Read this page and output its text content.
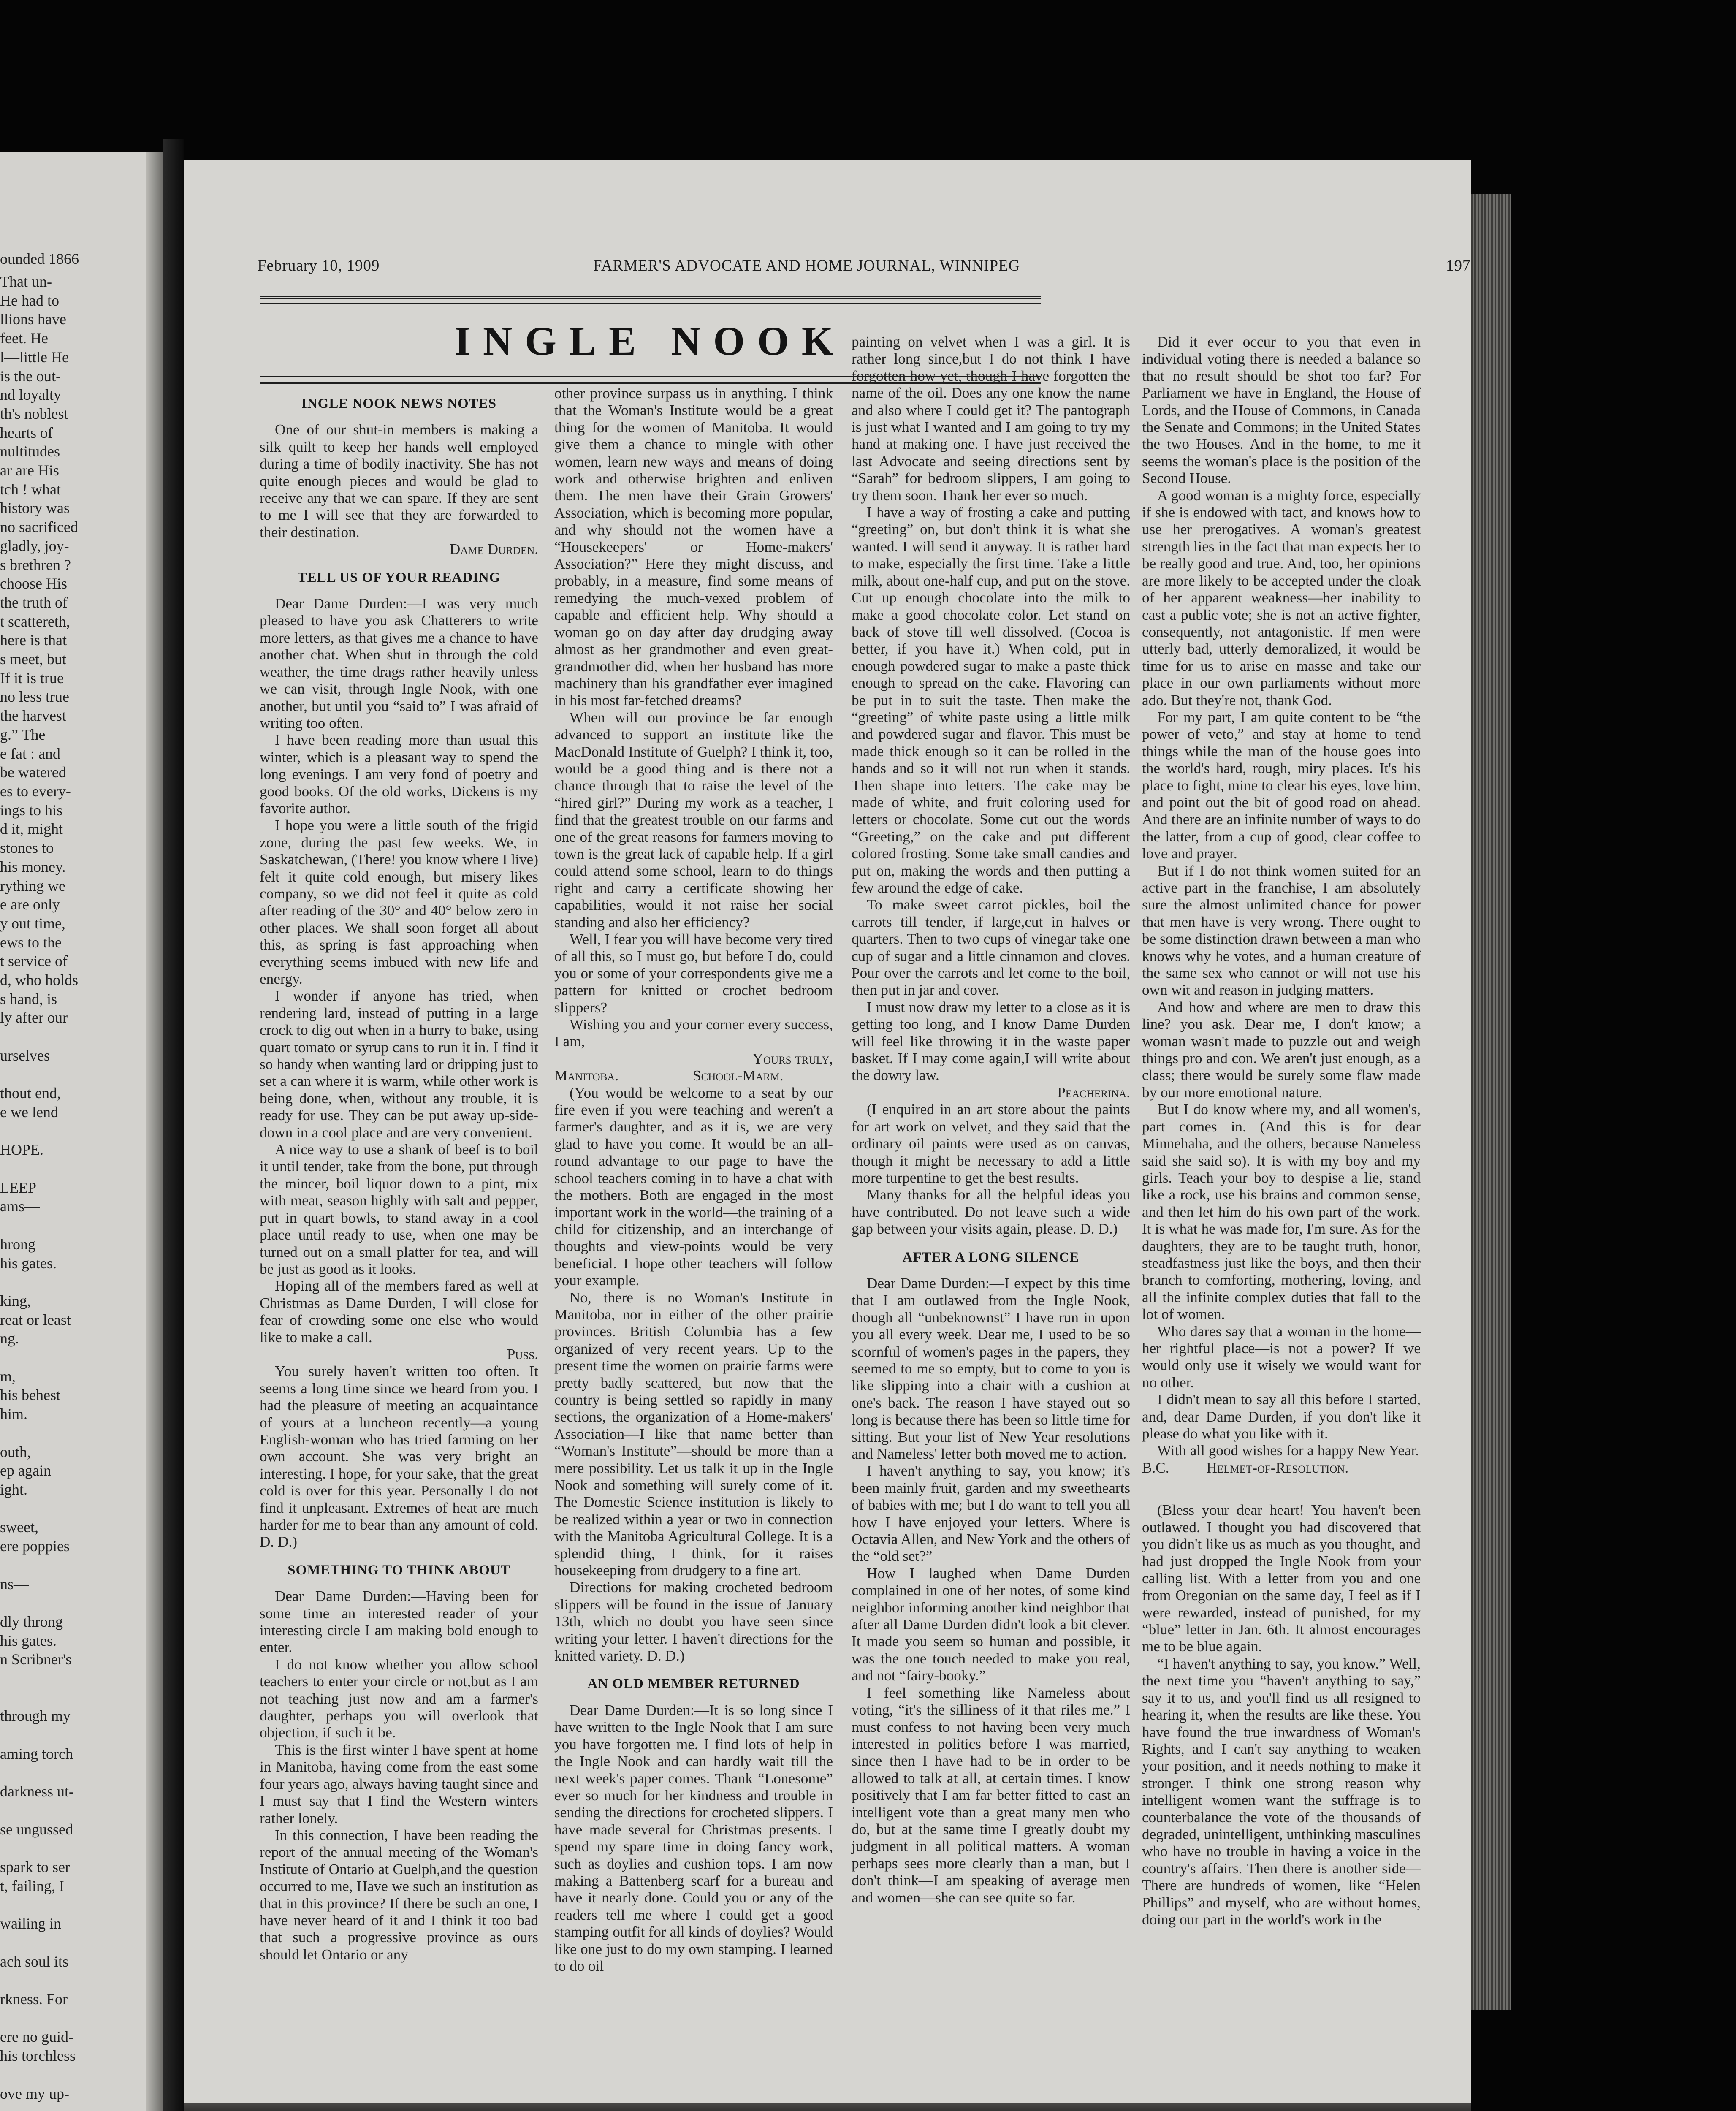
ounded 1866
That un-
He had to
llions have
feet. He
l—little He
is the out-
nd loyalty
th's noblest
hearts of
nultitudes
ar are His
tch ! what
history was
no sacrificed
gladly, joy-
s brethren ?
choose His
the truth of
t scattereth,
here is that
s meet, but
If it is true
no less true
the harvest
g.” The
e fat : and
be watered
es to every-
ings to his
d it, might
stones to
his money.
rything we
e are only
y out time,
ews to the
t service of
d, who holds
s hand, is
ly after our

urselves

thout end,
e we lend

HOPE.

LEEP
ams—

hrong
his gates.

king,
reat or least
ng.

m,
his behest
him.

outh,
ep again
ight.

sweet,
ere poppies

ns—

dly throng
his gates.
n Scribner's

through my

aming torch

darkness ut-

se ungussed

spark to ser
t, failing, I

wailing in

ach soul its

rkness. For

ere no guid-
his torchless

ove my up-

February 10, 1909	FARMER'S ADVOCATE AND HOME JOURNAL, WINNIPEG	197
INGLE NOOK
INGLE NOOK NEWS NOTES

One of our shut-in members is making a silk quilt to keep her hands well employed during a time of bodily inactivity. She has not quite enough pieces and would be glad to receive any that we can spare. If they are sent to me I will see that they are forwarded to their destination.

Dame Durden.

TELL US OF YOUR READING

Dear Dame Durden:—I was very much pleased to have you ask Chatterers to write more letters, as that gives me a chance to have another chat. When shut in through the cold weather, the time drags rather heavily unless we can visit, through Ingle Nook, with one another, but until you “said to” I was afraid of writing too often.

I have been reading more than usual this winter, which is a pleasant way to spend the long evenings. I am very fond of poetry and good books. Of the old works, Dickens is my favorite author.

I hope you were a little south of the frigid zone, during the past few weeks. We, in Saskatchewan, (There! you know where I live) felt it quite cold enough, but misery likes company, so we did not feel it quite as cold after reading of the 30° and 40° below zero in other places. We shall soon forget all about this, as spring is fast approaching when everything seems imbued with new life and energy.

I wonder if anyone has tried, when rendering lard, instead of putting in a large crock to dig out when in a hurry to bake, using quart tomato or syrup cans to run it in. I find it so handy when wanting lard or dripping just to set a can where it is warm, while other work is being done, when, without any trouble, it is ready for use. They can be put away up-side-down in a cool place and are very convenient.

A nice way to use a shank of beef is to boil it until tender, take from the bone, put through the mincer, boil liquor down to a pint, mix with meat, season highly with salt and pepper, put in quart bowls, to stand away in a cool place until ready to use, when one may be turned out on a small platter for tea, and will be just as good as it looks.

Hoping all of the members fared as well at Christmas as Dame Durden, I will close for fear of crowding some one else who would like to make a call.

Puss.

You surely haven't written too often. It seems a long time since we heard from you. I had the pleasure of meeting an acquaintance of yours at a luncheon recently—a young English-woman who has tried farming on her own account. She was very bright an interesting. I hope, for your sake, that the great cold is over for this year. Personally I do not find it unpleasant. Extremes of heat are much harder for me to bear than any amount of cold. D. D.)

SOMETHING TO THINK ABOUT

Dear Dame Durden:—Having been for some time an interested reader of your interesting circle I am making bold enough to enter.

I do not know whether you allow school teachers to enter your circle or not,but as I am not teaching just now and am a farmer's daughter, perhaps you will overlook that objection, if such it be.

This is the first winter I have spent at home in Manitoba, having come from the east some four years ago, always having taught since and I must say that I find the Western winters rather lonely.

In this connection, I have been reading the report of the annual meeting of the Woman's Institute of Ontario at Guelph,and the question occurred to me, Have we such an institution as that in this province? If there be such an one, I have never heard of it and I think it too bad that such a progressive province as ours should let Ontario or any

other province surpass us in anything. I think that the Woman's Institute would be a great thing for the women of Manitoba. It would give them a chance to mingle with other women, learn new ways and means of doing work and otherwise brighten and enliven them. The men have their Grain Growers' Association, which is becoming more popular, and why should not the women have a “Housekeepers' or Home-makers' Association?” Here they might discuss, and probably, in a measure, find some means of remedying the much-vexed problem of capable and efficient help. Why should a woman go on day after day drudging away almost as her grandmother and even great-grandmother did, when her husband has more machinery than his grandfather ever imagined in his most far-fetched dreams?

When will our province be far enough advanced to support an institute like the MacDonald Institute of Guelph? I think it, too, would be a good thing and is there not a chance through that to raise the level of the “hired girl?” During my work as a teacher, I find that the greatest trouble on our farms and one of the great reasons for farmers moving to town is the great lack of capable help. If a girl could attend some school, learn to do things right and carry a certificate showing her capabilities, would it not raise her social standing and also her efficiency?

Well, I fear you will have become very tired of all this, so I must go, but before I do, could you or some of your correspondents give me a pattern for knitted or crochet bedroom slippers?

Wishing you and your corner every success, I am,

Yours truly,

Manitoba.                    School-Marm.

(You would be welcome to a seat by our fire even if you were teaching and weren't a farmer's daughter, and as it is, we are very glad to have you come. It would be an all-round advantage to our page to have the school teachers coming in to have a chat with the mothers. Both are engaged in the most important work in the world—the training of a child for citizenship, and an interchange of thoughts and view-points would be very beneficial. I hope other teachers will follow your example.

No, there is no Woman's Institute in Manitoba, nor in either of the other prairie provinces. British Columbia has a few organized of very recent years. Up to the present time the women on prairie farms were pretty badly scattered, but now that the country is being settled so rapidly in many sections, the organization of a Home-makers' Association—I like that name better than “Woman's Institute”—should be more than a mere possibility. Let us talk it up in the Ingle Nook and something will surely come of it. The Domestic Science institution is likely to be realized within a year or two in connection with the Manitoba Agricultural College. It is a splendid thing, I think, for it raises housekeeping from drudgery to a fine art.

Directions for making crocheted bedroom slippers will be found in the issue of January 13th, which no doubt you have seen since writing your letter. I haven't directions for the knitted variety. D. D.)

AN OLD MEMBER RETURNED

Dear Dame Durden:—It is so long since I have written to the Ingle Nook that I am sure you have forgotten me. I find lots of help in the Ingle Nook and can hardly wait till the next week's paper comes. Thank “Lonesome” ever so much for her kindness and trouble in sending the directions for crocheted slippers. I have made several for Christmas presents. I spend my spare time in doing fancy work, such as doylies and cushion tops. I am now making a Battenberg scarf for a bureau and have it nearly done. Could you or any of the readers tell me where I could get a good stamping outfit for all kinds of doylies? Would like one just to do my own stamping. I learned to do oil

painting on velvet when I was a girl. It is rather long since,but I do not think I have forgotten how yet, though I have forgotten the name of the oil. Does any one know the name and also where I could get it? The pantograph is just what I wanted and I am going to try my hand at making one. I have just received the last Advocate and seeing directions sent by “Sarah” for bedroom slippers, I am going to try them soon. Thank her ever so much.

I have a way of frosting a cake and putting “greeting” on, but don't think it is what she wanted. I will send it anyway. It is rather hard to make, especially the first time. Take a little milk, about one-half cup, and put on the stove. Cut up enough chocolate into the milk to make a good chocolate color. Let stand on back of stove till well dissolved. (Cocoa is better, if you have it.) When cold, put in enough powdered sugar to make a paste thick enough to spread on the cake. Flavoring can be put in to suit the taste. Then make the “greeting” of white paste using a little milk and powdered sugar and flavor. This must be made thick enough so it can be rolled in the hands and so it will not run when it stands. Then shape into letters. The cake may be made of white, and fruit coloring used for letters or chocolate. Some cut out the words “Greeting,” on the cake and put different colored frosting. Some take small candies and put on, making the words and then putting a few around the edge of cake.

To make sweet carrot pickles, boil the carrots till tender, if large,cut in halves or quarters. Then to two cups of vinegar take one cup of sugar and a little cinnamon and cloves. Pour over the carrots and let come to the boil, then put in jar and cover.

I must now draw my letter to a close as it is getting too long, and I know Dame Durden will feel like throwing it in the waste paper basket. If I may come again,I will write about the dowry law.

Peacherina.

(I enquired in an art store about the paints for art work on velvet, and they said that the ordinary oil paints were used as on canvas, though it might be necessary to add a little more turpentine to get the best results.

Many thanks for all the helpful ideas you have contributed. Do not leave such a wide gap between your visits again, please. D. D.)

AFTER A LONG SILENCE

Dear Dame Durden:—I expect by this time that I am outlawed from the Ingle Nook, though all “unbeknownst” I have run in upon you all every week. Dear me, I used to be so scornful of women's pages in the papers, they seemed to me so empty, but to come to you is like slipping into a chair with a cushion at one's back. The reason I have stayed out so long is because there has been so little time for sitting. But your list of New Year resolutions and Nameless' letter both moved me to action.

I haven't anything to say, you know; it's been mainly fruit, garden and my sweethearts of babies with me; but I do want to tell you all how I have enjoyed your letters. Where is Octavia Allen, and New York and the others of the “old set?”

How I laughed when Dame Durden complained in one of her notes, of some kind neighbor informing another kind neighbor that after all Dame Durden didn't look a bit clever. It made you seem so human and possible, it was the one touch needed to make you real, and not “fairy-booky.”

I feel something like Nameless about voting, “it's the silliness of it that riles me.” I must confess to not having been very much interested in politics before I was married, since then I have had to be in order to be allowed to talk at all, at certain times. I know positively that I am far better fitted to cast an intelligent vote than a great many men who do, but at the same time I greatly doubt my judgment in all political matters. A woman perhaps sees more clearly than a man, but I don't think—I am speaking of average men and women—she can see quite so far.

Did it ever occur to you that even in individual voting there is needed a balance so that no result should be shot too far? For Parliament we have in England, the House of Lords, and the House of Commons, in Canada the Senate and Commons; in the United States the two Houses. And in the home, to me it seems the woman's place is the position of the Second House.

A good woman is a mighty force, especially if she is endowed with tact, and knows how to use her prerogatives. A woman's greatest strength lies in the fact that man expects her to be really good and true. And, too, her opinions are more likely to be accepted under the cloak of her apparent weakness—her inability to cast a public vote; she is not an active fighter, consequently, not antagonistic. If men were utterly bad, utterly demoralized, it would be time for us to arise en masse and take our place in our own parliaments without more ado. But they're not, thank God.

For my part, I am quite content to be “the power of veto,” and stay at home to tend things while the man of the house goes into the world's hard, rough, miry places. It's his place to fight, mine to clear his eyes, love him, and point out the bit of good road on ahead. And there are an infinite number of ways to do the latter, from a cup of good, clear coffee to love and prayer.

But if I do not think women suited for an active part in the franchise, I am absolutely sure the almost unlimited chance for power that men have is very wrong. There ought to be some distinction drawn between a man who knows why he votes, and a human creature of the same sex who cannot or will not use his own wit and reason in judging matters.

And how and where are men to draw this line? you ask. Dear me, I don't know; a woman wasn't made to puzzle out and weigh things pro and con. We aren't just enough, as a class; there would be surely some flaw made by our more emotional nature.

But I do know where my, and all women's, part comes in. (And this is for dear Minnehaha, and the others, because Nameless said she said so). It is with my boy and my girls. Teach your boy to despise a lie, stand like a rock, use his brains and common sense, and then let him do his own part of the work. It is what he was made for, I'm sure. As for the daughters, they are to be taught truth, honor, steadfastness just like the boys, and then their branch to comforting, mothering, loving, and all the infinite complex duties that fall to the lot of women.

Who dares say that a woman in the home—her rightful place—is not a power? If we would only use it wisely we would want for no other.

I didn't mean to say all this before I started, and, dear Dame Durden, if you don't like it please do what you like with it.

With all good wishes for a happy New Year.

B.C.          Helmet-of-Resolution.

(Bless your dear heart! You haven't been outlawed. I thought you had discovered that you didn't like us as much as you thought, and had just dropped the Ingle Nook from your calling list. With a letter from you and one from Oregonian on the same day, I feel as if I were rewarded, instead of punished, for my “blue” letter in Jan. 6th. It almost encourages me to be blue again.

“I haven't anything to say, you know.” Well, the next time you “haven't anything to say,” say it to us, and you'll find us all resigned to hearing it, when the results are like these. You have found the true inwardness of Woman's Rights, and I can't say anything to weaken your position, and it needs nothing to make it stronger. I think one strong reason why intelligent women want the suffrage is to counterbalance the vote of the thousands of degraded, unintelligent, unthinking masculines who have no trouble in having a voice in the country's affairs. Then there is another side—There are hundreds of women, like “Helen Phillips” and myself, who are without homes, doing our part in the world's work in the
